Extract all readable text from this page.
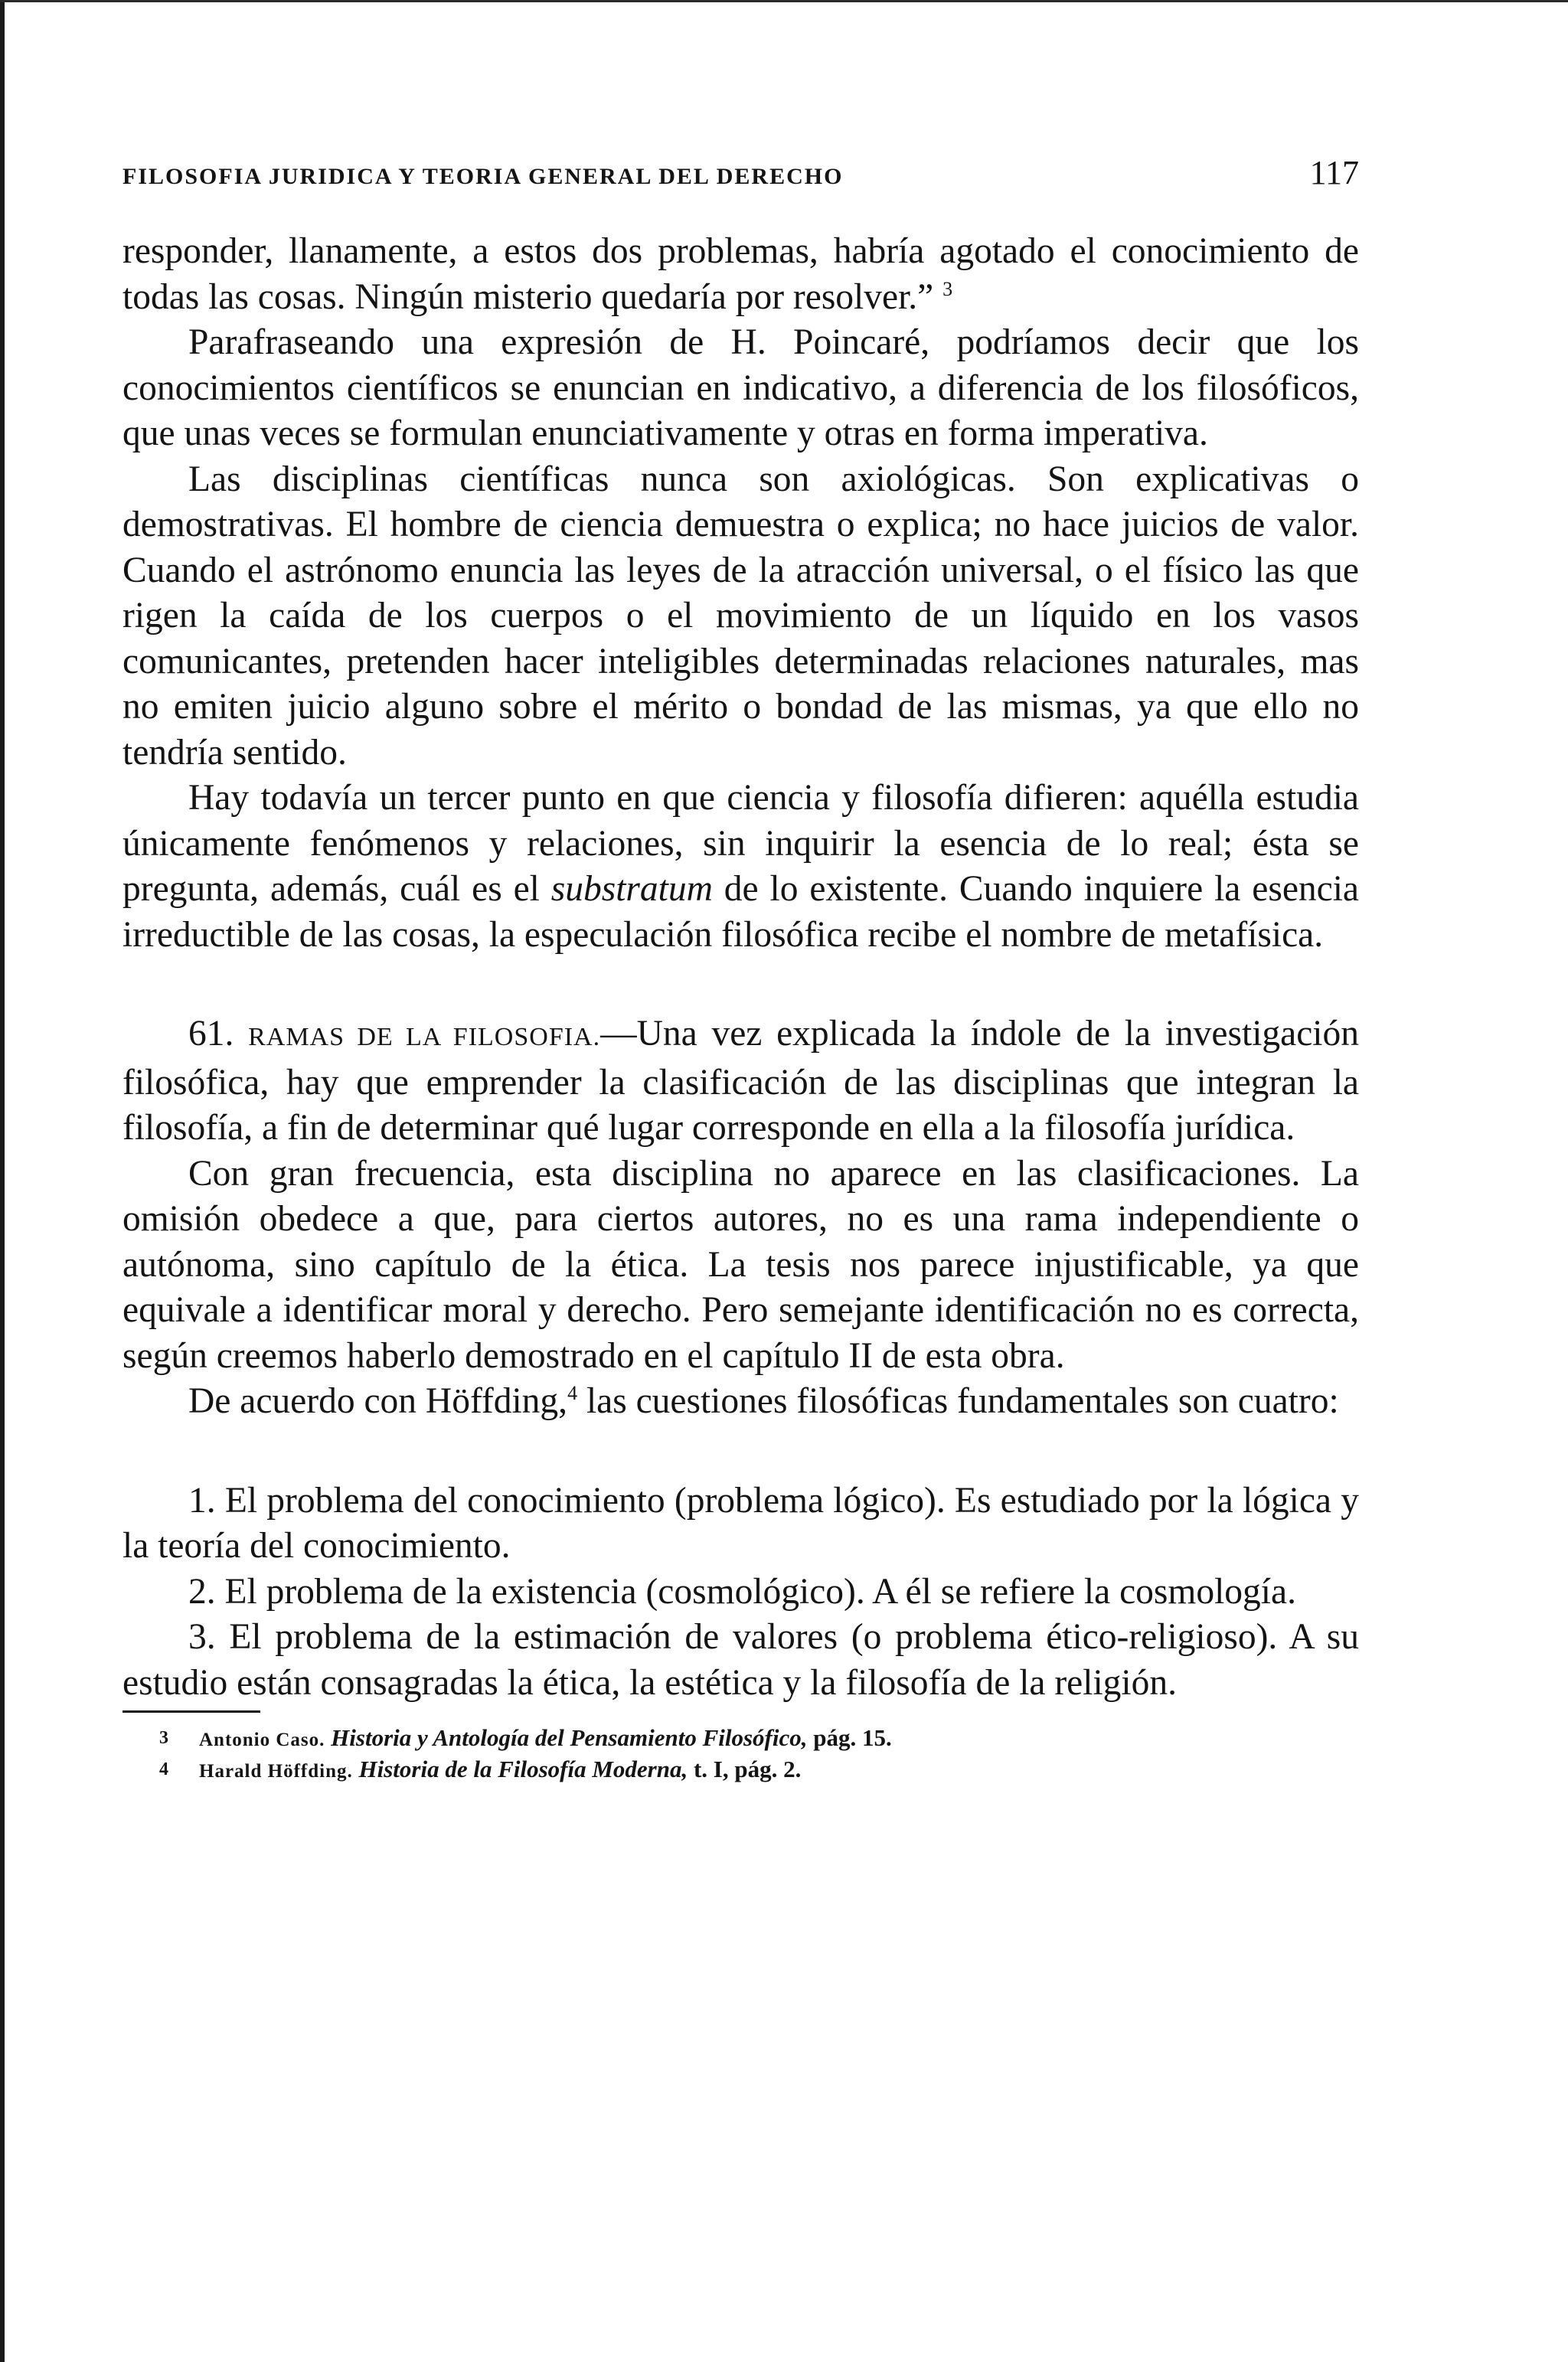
FILOSOFIA JURIDICA Y TEORIA GENERAL DEL DERECHO	117

responder, llanamente, a estos dos problemas, habría agotado el conocimiento de todas las cosas. Ningún misterio quedaría por resolver.” $^3$

Parafraseando una expresión de H. Poincaré, podríamos decir que los conocimientos científicos se enuncian en indicativo, a diferencia de los filosóficos, que unas veces se formulan enunciativamente y otras en forma imperativa.

Las disciplinas científicas nunca son axiológicas. Son explicativas o demostrativas. El hombre de ciencia demuestra o explica; no hace juicios de valor. Cuando el astrónomo enuncia las leyes de la atracción universal, o el físico las que rigen la caída de los cuerpos o el movimiento de un líquido en los vasos comunicantes, pretenden hacer inteligibles determinadas relaciones naturales, mas no emiten juicio alguno sobre el mérito o bondad de las mismas, ya que ello no tendría sentido.

Hay todavía un tercer punto en que ciencia y filosofía difieren: aquélla estudia únicamente fenómenos y relaciones, sin inquirir la esencia de lo real; ésta se pregunta, además, cuál es el substratum de lo existente. Cuando inquiere la esencia irreductible de las cosas, la especulación filosófica recibe el nombre de metafísica.

61. RAMAS DE LA FILOSOFIA.—Una vez explicada la índole de la investigación filosófica, hay que emprender la clasificación de las disciplinas que integran la filosofía, a fin de determinar qué lugar corresponde en ella a la filosofía jurídica.

Con gran frecuencia, esta disciplina no aparece en las clasificaciones. La omisión obedece a que, para ciertos autores, no es una rama independiente o autónoma, sino capítulo de la ética. La tesis nos parece injustificable, ya que equivale a identificar moral y derecho. Pero semejante identificación no es correcta, según creemos haberlo demostrado en el capítulo II de esta obra.

De acuerdo con Höffding,$^4$ las cuestiones filosóficas fundamentales son cuatro:

1. El problema del conocimiento (problema lógico). Es estudiado por la lógica y la teoría del conocimiento.

2. El problema de la existencia (cosmológico). A él se refiere la cosmología.

3. El problema de la estimación de valores (o problema ético-religioso). A su estudio están consagradas la ética, la estética y la filosofía de la religión.

3	Antonio Caso. Historia y Antología del Pensamiento Filosófico, pág. 15.
4	Harald Höffding. Historia de la Filosofía Moderna, t. I, pág. 2.
